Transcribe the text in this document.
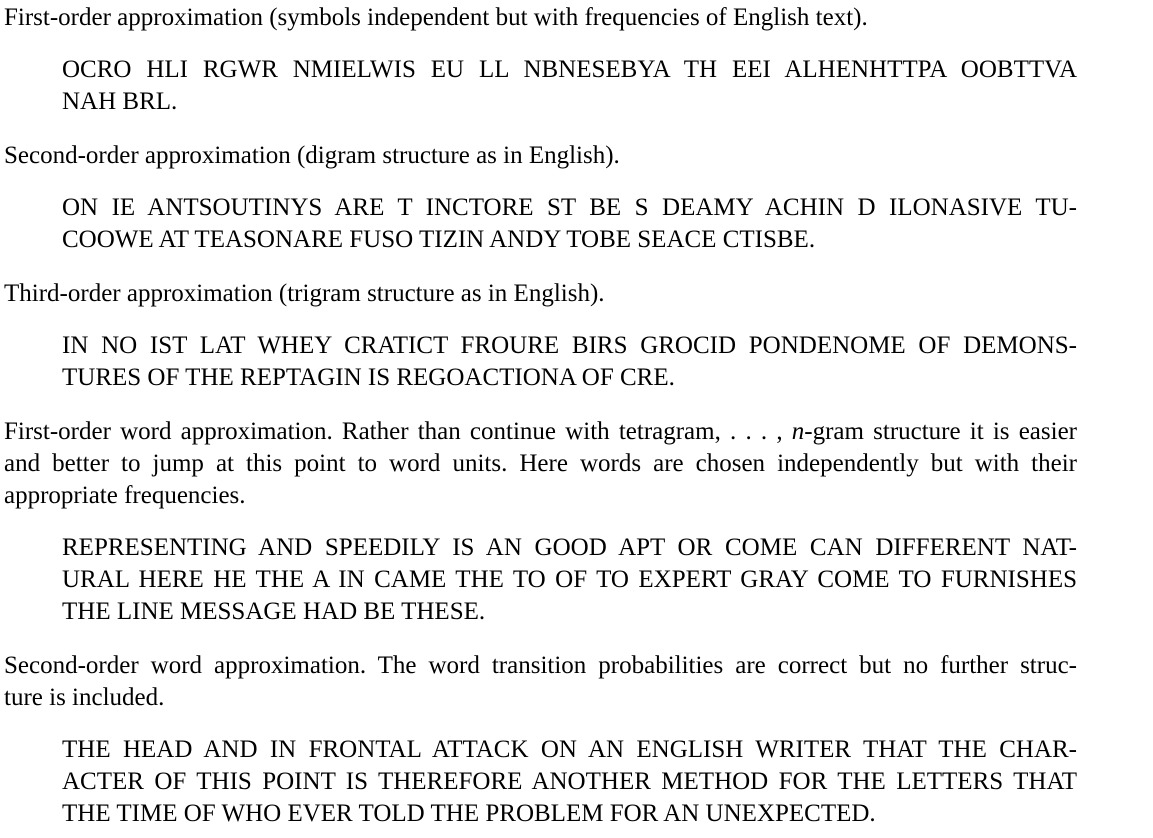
First-order approximation (symbols independent but with frequencies of English text).

OCRO HLI RGWR NMIELWIS EU LL NBNESEBYA TH EEI ALHENHTTPA OOBTTVA
NAH BRL.

Second-order approximation (digram structure as in English).

ON IE ANTSOUTINYS ARE T INCTORE ST BE S DEAMY ACHIN D ILONASIVE TU-
COOWE AT TEASONARE FUSO TIZIN ANDY TOBE SEACE CTISBE.

Third-order approximation (trigram structure as in English).

IN NO IST LAT WHEY CRATICT FROURE BIRS GROCID PONDENOME OF DEMONS-
TURES OF THE REPTAGIN IS REGOACTIONA OF CRE.
First-order word approximation. Rather than continue with tetragram, . . . , n-gram structure it is easier
and better to jump at this point to word units. Here words are chosen independently but with their
appropriate frequencies.
REPRESENTING AND SPEEDILY IS AN GOOD APT OR COME CAN DIFFERENT NAT-
URAL HERE HE THE A IN CAME THE TO OF TO EXPERT GRAY COME TO FURNISHES
THE LINE MESSAGE HAD BE THESE.
Second-order word approximation. The word transition probabilities are correct but no further struc-
ture is included.
THE HEAD AND IN FRONTAL ATTACK ON AN ENGLISH WRITER THAT THE CHAR-
ACTER OF THIS POINT IS THEREFORE ANOTHER METHOD FOR THE LETTERS THAT
THE TIME OF WHO EVER TOLD THE PROBLEM FOR AN UNEXPECTED.
